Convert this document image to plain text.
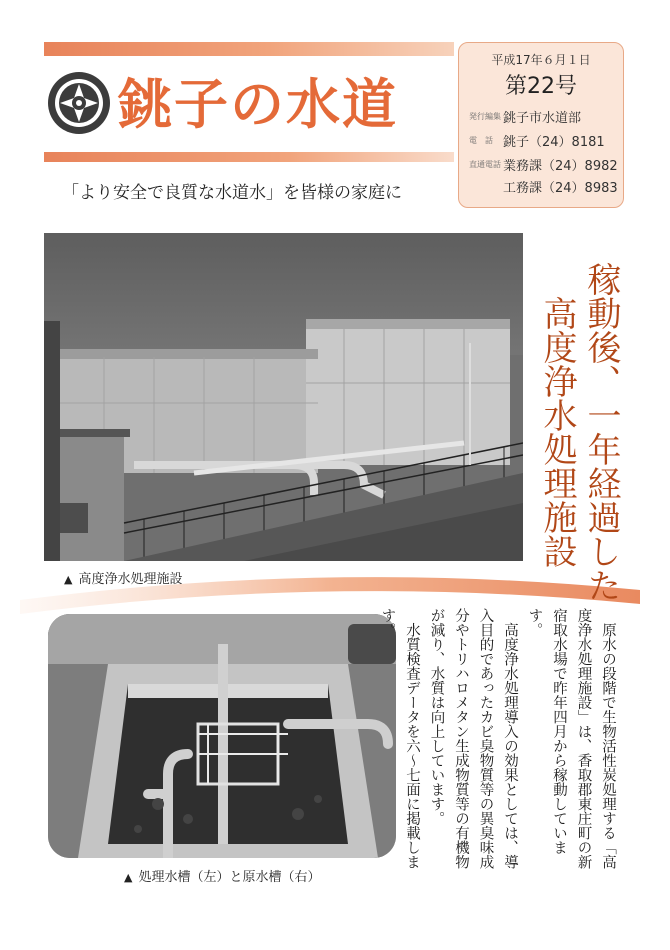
銚子の水道
「より安全で良質な水道水」を皆様の家庭に
平成17年６月１日
第22号
発行編集 銚子市水道部
電　話 銚子（24）8181
直通電話 業務課（24）8982
工務課（24）8983
▲ 高度浄水処理施設
▲ 処理水槽（左）と原水槽（右）
稼動後、一年経過した
高度浄水処理施設

　原水の段階で生物活性炭処理する「高度浄水処理施設」は、香取郡東庄町の新宿取水場で昨年四月から稼動しています。

　高度浄水処理導入の効果としては、導入目的であったカビ臭物質等の異臭味成分やトリハロメタン生成物質等の有機物が減り、水質は向上しています。

　水質検査データを六～七面に掲載します。
